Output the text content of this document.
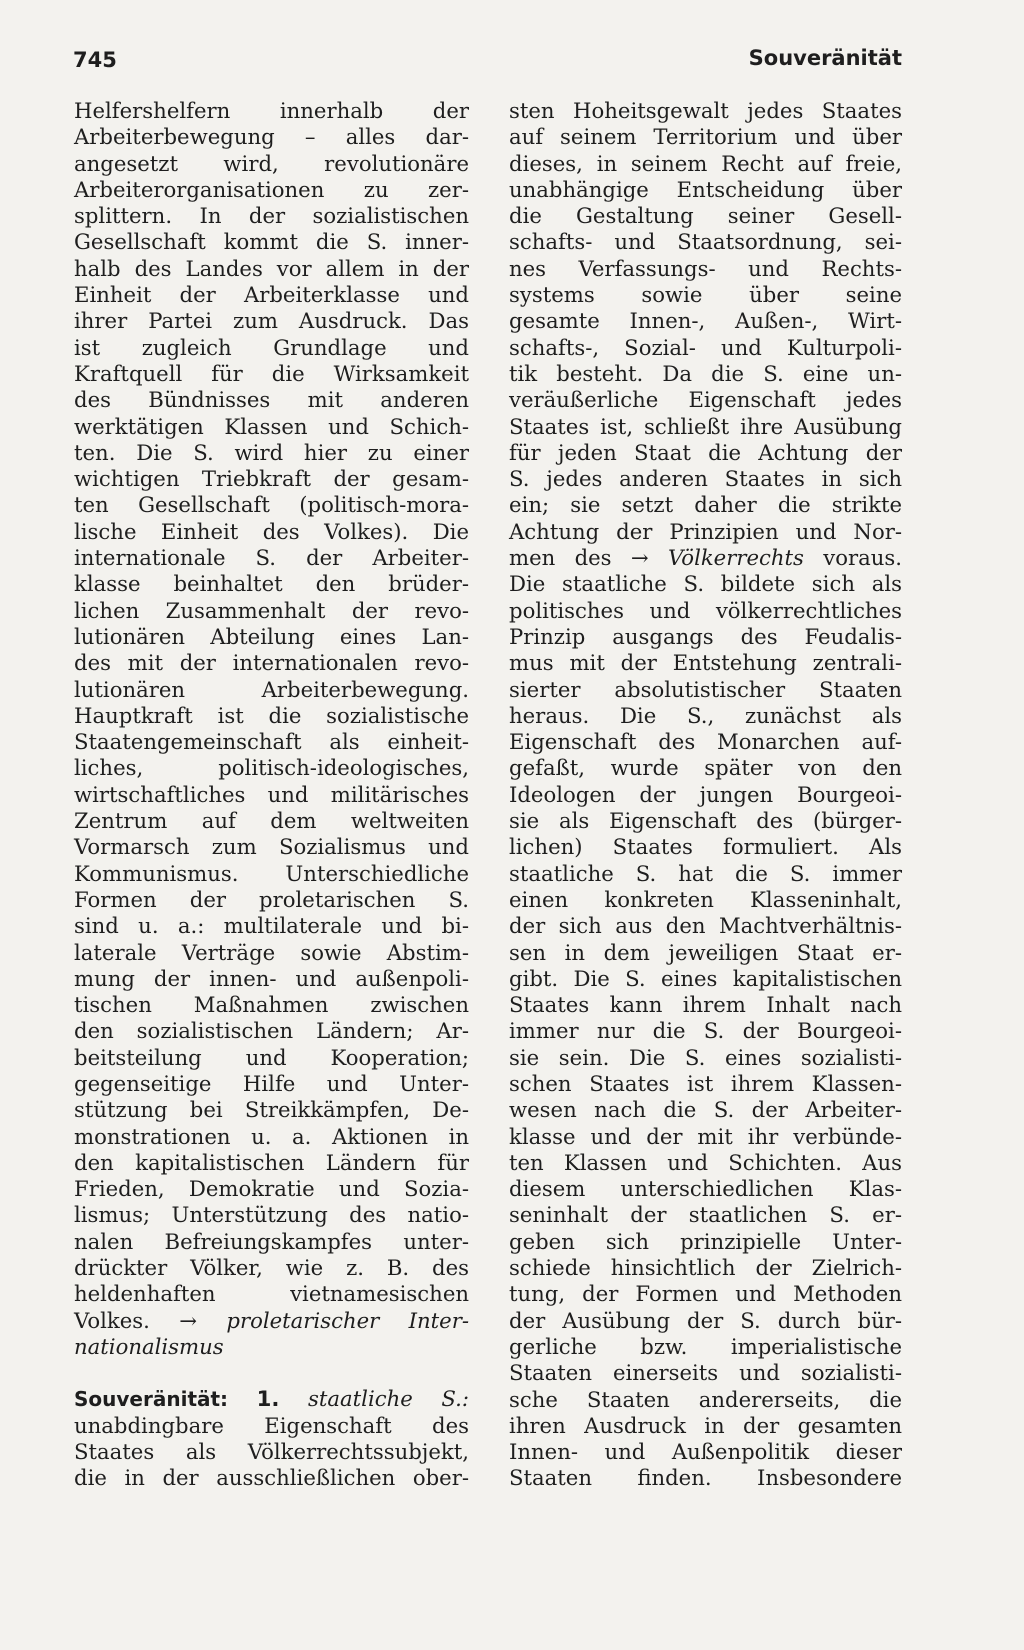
745	Souveränität
Helfershelfern innerhalb der
Arbeiterbewegung – alles dar-
angesetzt wird, revolutionäre
Arbeiterorganisationen zu zer-
splittern. In der sozialistischen
Gesellschaft kommt die S. inner-
halb des Landes vor allem in der
Einheit der Arbeiterklasse und
ihrer Partei zum Ausdruck. Das
ist zugleich Grundlage und
Kraftquell für die Wirksamkeit
des Bündnisses mit anderen
werktätigen Klassen und Schich-
ten. Die S. wird hier zu einer
wichtigen Triebkraft der gesam-
ten Gesellschaft (politisch-mora-
lische Einheit des Volkes). Die
internationale S. der Arbeiter-
klasse beinhaltet den brüder-
lichen Zusammenhalt der revo-
lutionären Abteilung eines Lan-
des mit der internationalen revo-
lutionären Arbeiterbewegung.
Hauptkraft ist die sozialistische
Staatengemeinschaft als einheit-
liches, politisch-ideologisches,
wirtschaftliches und militärisches
Zentrum auf dem weltweiten
Vormarsch zum Sozialismus und
Kommunismus. Unterschiedliche
Formen der proletarischen S.
sind u. a.: multilaterale und bi-
laterale Verträge sowie Abstim-
mung der innen- und außenpoli-
tischen Maßnahmen zwischen
den sozialistischen Ländern; Ar-
beitsteilung und Kooperation;
gegenseitige Hilfe und Unter-
stützung bei Streikkämpfen, De-
monstrationen u. a. Aktionen in
den kapitalistischen Ländern für
Frieden, Demokratie und Sozia-
lismus; Unterstützung des natio-
nalen Befreiungskampfes unter-
drückter Völker, wie z. B. des
heldenhaften vietnamesischen
Volkes. → proletarischer Inter-
nationalismus
Souveränität: 1. staatliche S.:
unabdingbare Eigenschaft des
Staates als Völkerrechtssubjekt,
die in der ausschließlichen ober-
sten Hoheitsgewalt jedes Staates
auf seinem Territorium und über
dieses, in seinem Recht auf freie,
unabhängige Entscheidung über
die Gestaltung seiner Gesell-
schafts- und Staatsordnung, sei-
nes Verfassungs- und Rechts-
systems sowie über seine
gesamte Innen-, Außen-, Wirt-
schafts-, Sozial- und Kulturpoli-
tik besteht. Da die S. eine un-
veräußerliche Eigenschaft jedes
Staates ist, schließt ihre Ausübung
für jeden Staat die Achtung der
S. jedes anderen Staates in sich
ein; sie setzt daher die strikte
Achtung der Prinzipien und Nor-
men des → Völkerrechts voraus.
Die staatliche S. bildete sich als
politisches und völkerrechtliches
Prinzip ausgangs des Feudalis-
mus mit der Entstehung zentrali-
sierter absolutistischer Staaten
heraus. Die S., zunächst als
Eigenschaft des Monarchen auf-
gefaßt, wurde später von den
Ideologen der jungen Bourgeoi-
sie als Eigenschaft des (bürger-
lichen) Staates formuliert. Als
staatliche S. hat die S. immer
einen konkreten Klasseninhalt,
der sich aus den Machtverhältnis-
sen in dem jeweiligen Staat er-
gibt. Die S. eines kapitalistischen
Staates kann ihrem Inhalt nach
immer nur die S. der Bourgeoi-
sie sein. Die S. eines sozialisti-
schen Staates ist ihrem Klassen-
wesen nach die S. der Arbeiter-
klasse und der mit ihr verbünde-
ten Klassen und Schichten. Aus
diesem unterschiedlichen Klas-
seninhalt der staatlichen S. er-
geben sich prinzipielle Unter-
schiede hinsichtlich der Zielrich-
tung, der Formen und Methoden
der Ausübung der S. durch bür-
gerliche bzw. imperialistische
Staaten einerseits und sozialisti-
sche Staaten andererseits, die
ihren Ausdruck in der gesamten
Innen- und Außenpolitik dieser
Staaten finden. Insbesondere
